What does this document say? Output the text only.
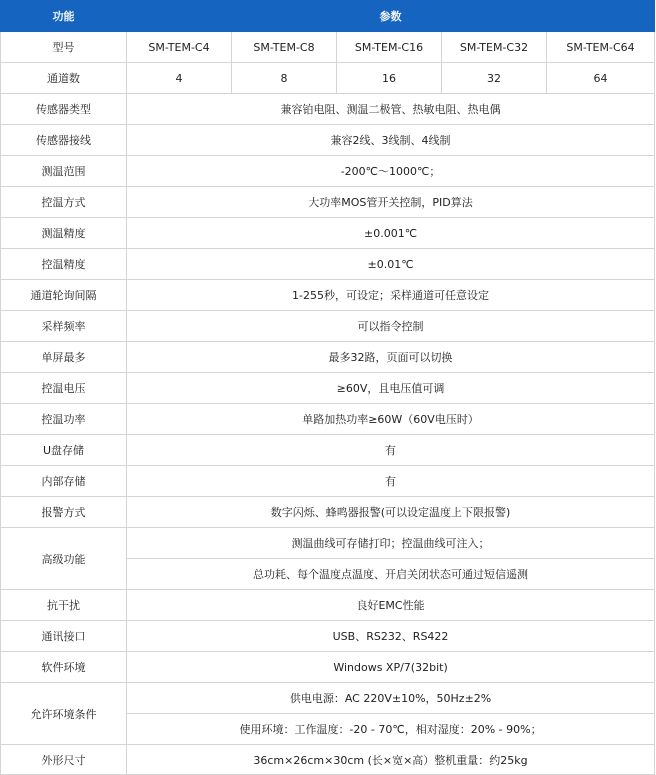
功能	参数				
型号	SM-TEM-C4	SM-TEM-C8	SM-TEM-C16	SM-TEM-C32	SM-TEM-C64
通道数	4	8	16	32	64
传感器类型	兼容铂电阻、测温二极管、热敏电阻、热电偶				
传感器接线	兼容2线、3线制、4线制				
测温范围	-200℃～1000℃；				
控温方式	大功率MOS管开关控制，PID算法				
测温精度	±0.001℃				
控温精度	±0.01℃				
通道轮询间隔	1-255秒，可设定；采样通道可任意设定				
采样频率	可以指令控制				
单屏最多	最多32路，页面可以切换				
控温电压	≥60V，且电压值可调				
控温功率	单路加热功率≥60W（60V电压时）				
U盘存储	有				
内部存储	有				
报警方式	数字闪烁、蜂鸣器报警(可以设定温度上下限报警)				
高级功能	测温曲线可存储打印；控温曲线可注入；				
	总功耗、每个温度点温度、开启关闭状态可通过短信遥测				
抗干扰	良好EMC性能				
通讯接口	USB、RS232、RS422				
软件环境	Windows XP/7(32bit)				
允许环境条件	供电电源：AC 220V±10%，50Hz±2%				
	使用环境：工作温度：-20 - 70℃，相对湿度：20% - 90%；				
外形尺寸	36cm×26cm×30cm (长×宽×高）整机重量：约25kg				
